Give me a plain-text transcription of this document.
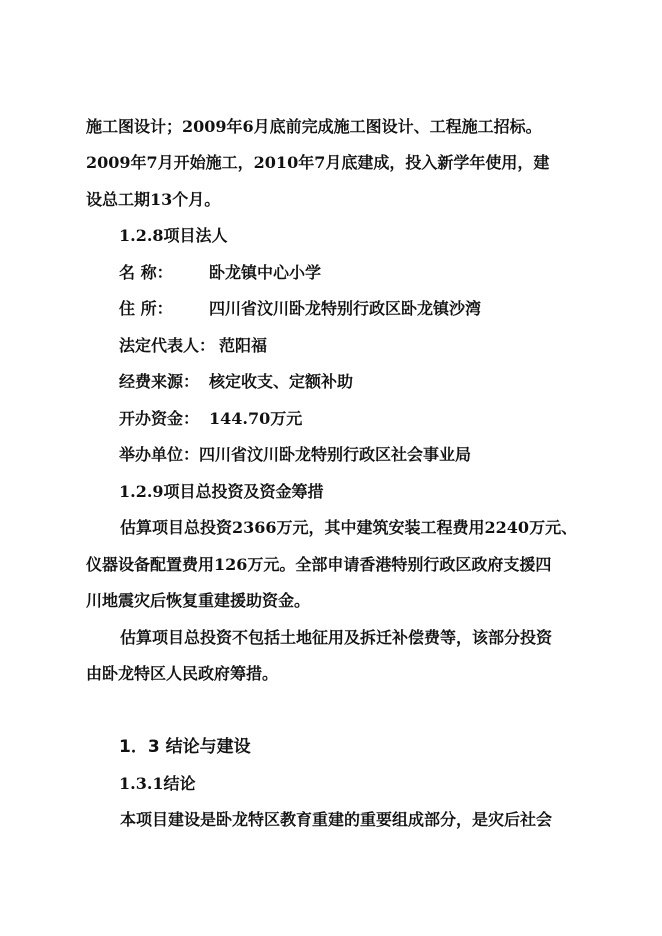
施工图设计；2009年6月底前完成施工图设计、工程施工招标。
2009年7月开始施工，2010年7月底建成，投入新学年使用，建
设总工期13个月。
1.2.8项目法人
名 称： 卧龙镇中心小学
住 所： 四川省汶川卧龙特别行政区卧龙镇沙湾
法定代表人： 范阳福
经费来源： 核定收支、定额补助
开办资金： 144.70万元
举办单位：四川省汶川卧龙特别行政区社会事业局
1.2.9项目总投资及资金筹措
估算项目总投资2366万元，其中建筑安装工程费用2240万元、
仪器设备配置费用126万元。全部申请香港特别行政区政府支援四
川地震灾后恢复重建援助资金。
估算项目总投资不包括土地征用及拆迁补偿费等，该部分投资
由卧龙特区人民政府筹措。
1．3 结论与建设
1.3.1结论
本项目建设是卧龙特区教育重建的重要组成部分，是灾后社会
